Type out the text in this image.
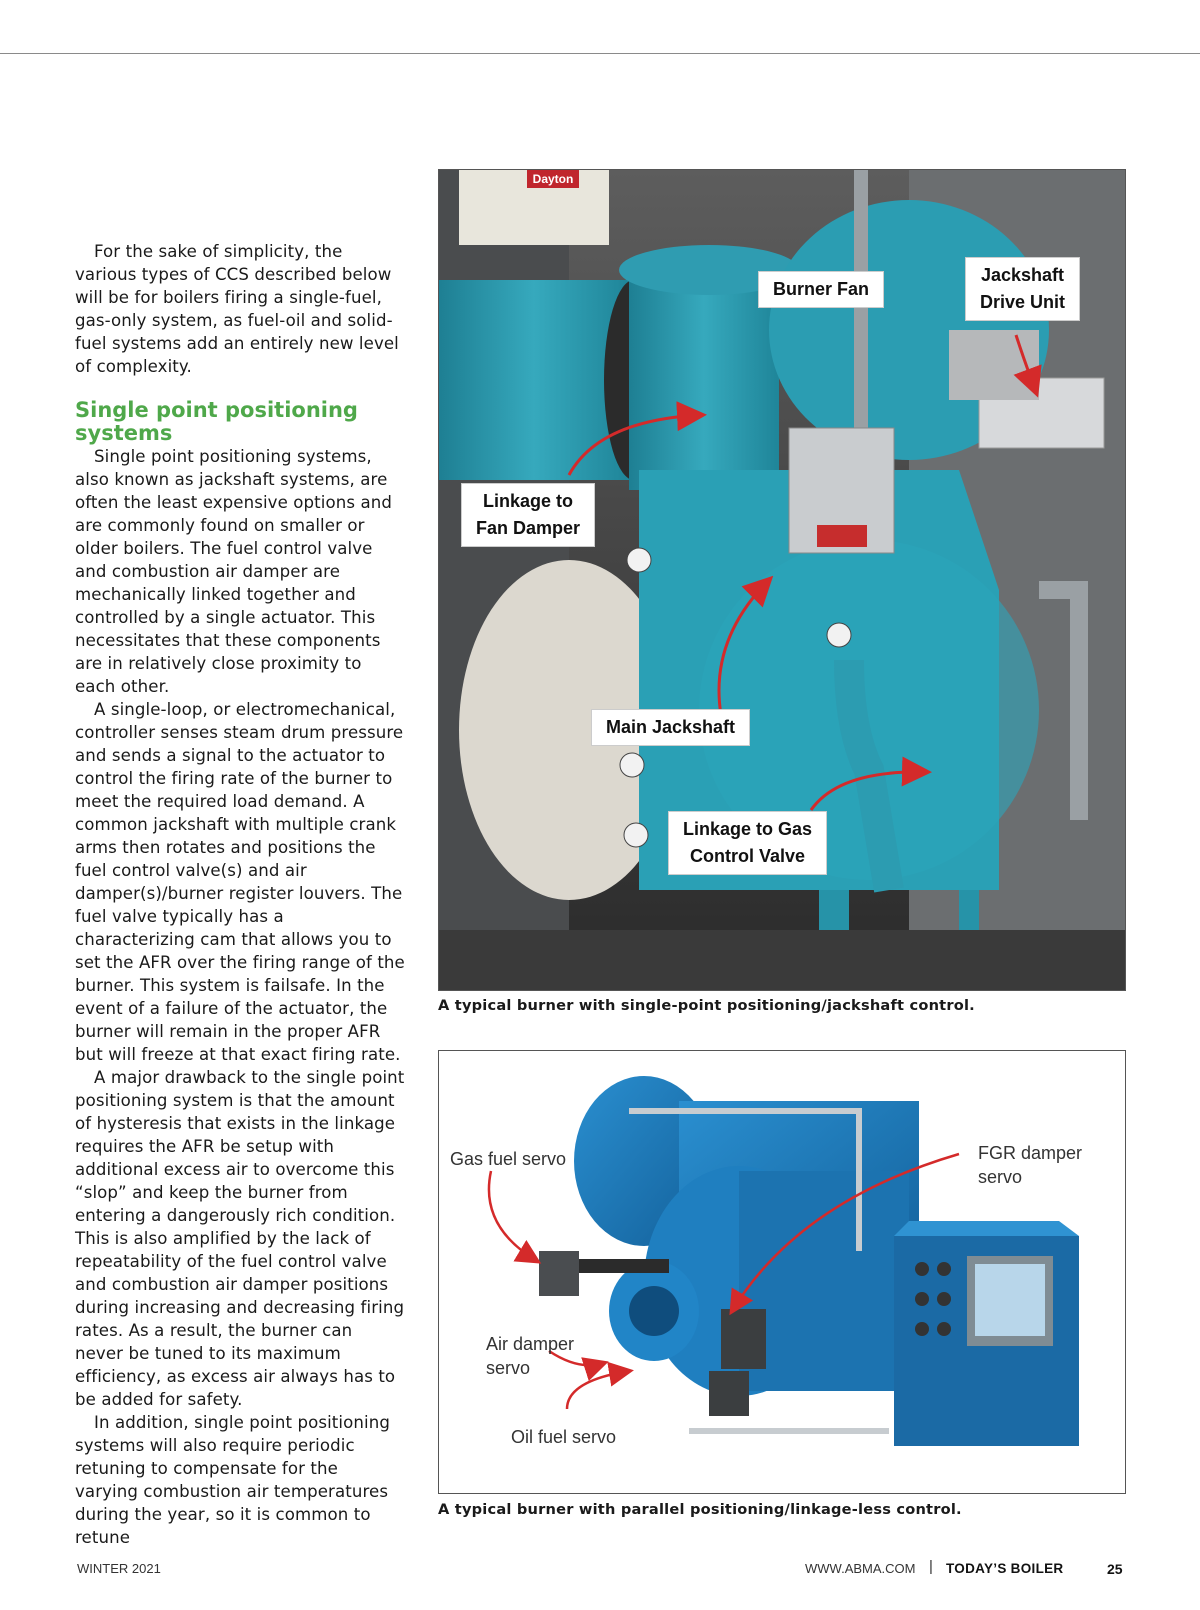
For the sake of simplicity, the various types of CCS described below will be for boilers firing a single-fuel, gas-only system, as fuel-oil and solid-fuel systems add an entirely new level of complexity.

Single point positioning systems

Single point positioning systems, also known as jackshaft systems, are often the least expensive options and are commonly found on smaller or older boilers. The fuel control valve and combustion air damper are mechanically linked together and controlled by a single actuator. This necessitates that these components are in relatively close proximity to each other.

A single-loop, or electromechanical, controller senses steam drum pressure and sends a signal to the actuator to control the firing rate of the burner to meet the required load demand. A common jackshaft with multiple crank arms then rotates and positions the fuel control valve(s) and air damper(s)/burner register louvers. The fuel valve typically has a characterizing cam that allows you to set the AFR over the firing range of the burner. This system is failsafe. In the event of a failure of the actuator, the burner will remain in the proper AFR but will freeze at that exact firing rate.

A major drawback to the single point positioning system is that the amount of hysteresis that exists in the linkage requires the AFR be setup with additional excess air to overcome this “slop” and keep the burner from entering a dangerously rich condition. This is also amplified by the lack of repeatability of the fuel control valve and combustion air damper positions during increasing and decreasing firing rates. As a result, the burner can never be tuned to its maximum efficiency, as excess air always has to be added for safety.

In addition, single point positioning systems will also require periodic retuning to compensate for the varying combustion air temperatures during the year, so it is common to retune

Dayton
Burner Fan
Jackshaft
Drive Unit
Linkage to
Fan Damper
Main Jackshaft
Linkage to Gas
Control Valve
A typical burner with single-point positioning/jackshaft control.
Gas fuel servo	FGR damper
servo
Air damper
servo
Oil fuel servo
A typical burner with parallel positioning/linkage-less control.
WINTER 2021	WWW.ABMA.COM | TODAY’S BOILER	25
